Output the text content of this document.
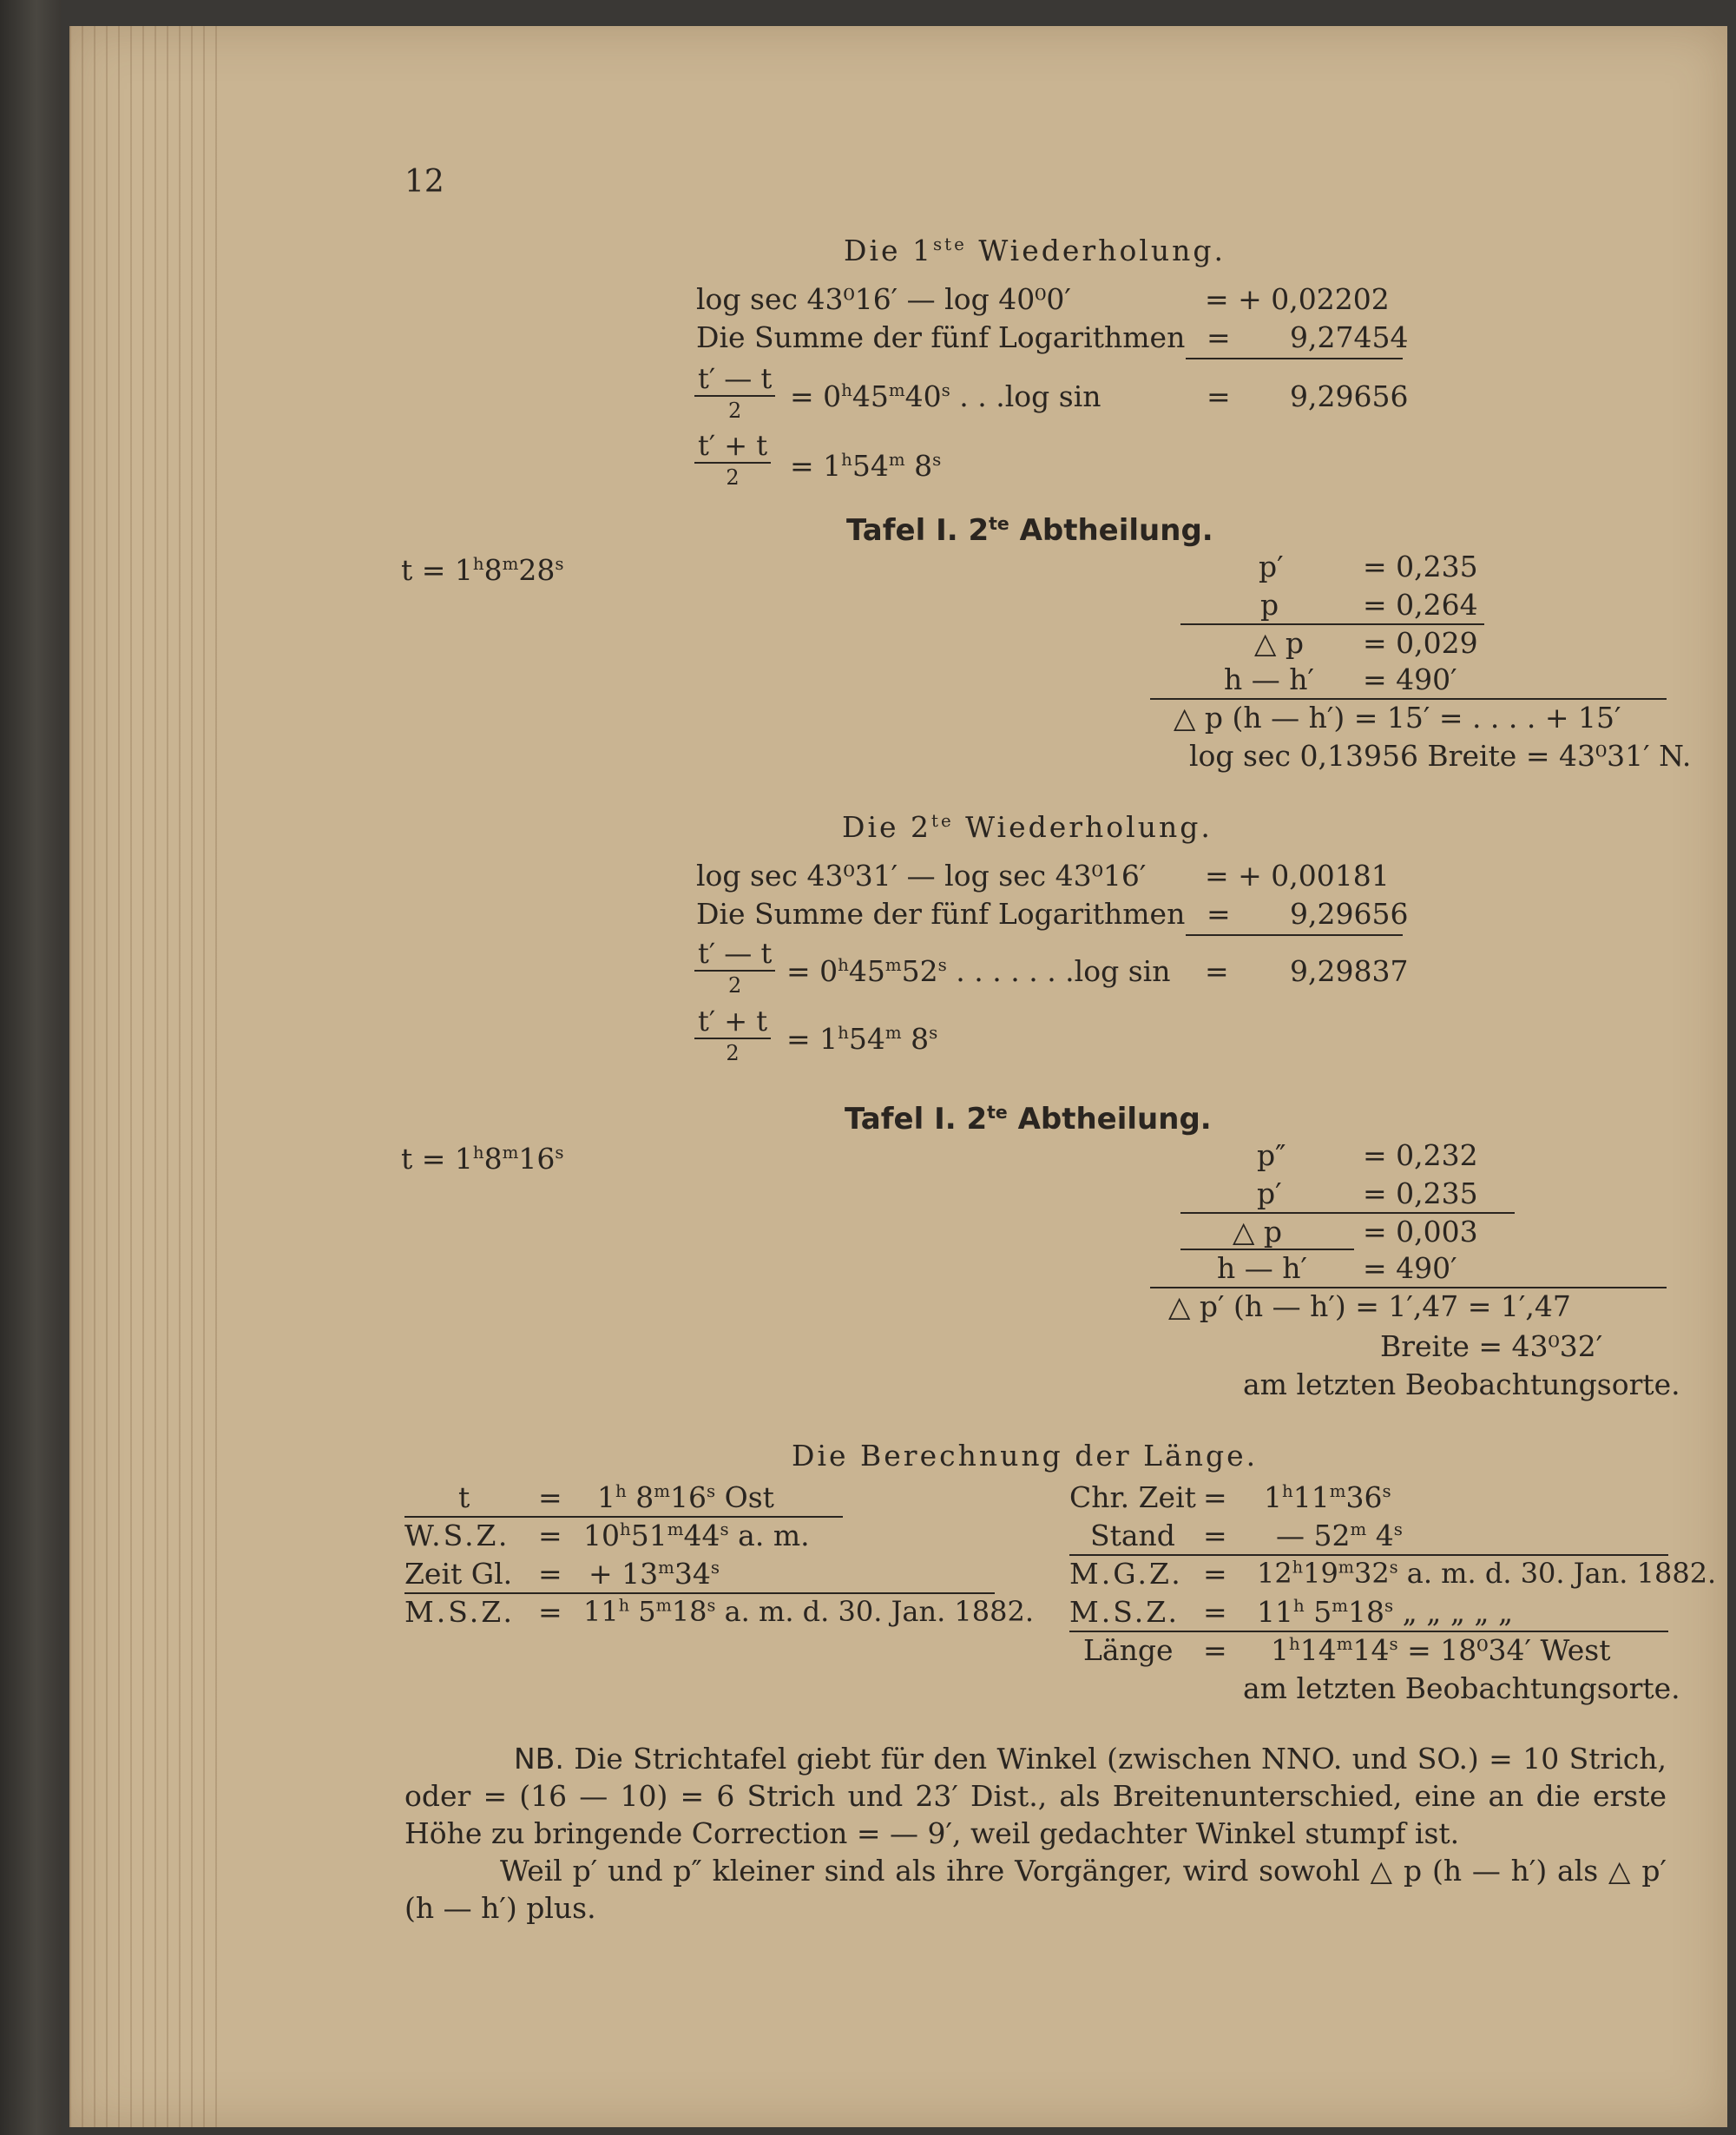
12
Die 1ste Wiederholung.
log sec 43⁰16′ — log 40⁰0′	= + 0,02202
Die Summe der fünf Logarithmen = 9,27454
t′ — t
2	= $0^h45^m40^s$ . . .log sin	= 9,29656
t′ + t
2	= $1^h54^m$ 8$^s$
Tafel I. $2^{te}$ Abtheilung.
$t = 1^h8^m28^s$	p′	= 0,235
p	= 0,264
△ p = 0,029
h — h′ = 490′
△ p (h — h′) = 15′ = . . . . + 15′
log sec 0,13956 Breite = 43⁰31′ N.
Die $2^{te}$ Wiederholung.
log sec 43⁰31′ — log sec 43⁰16′ = + 0,00181
Die Summe der fünf Logarithmen = 9,29656
t′ — t
2	= $0^h45^m52^s$ . . . . . . .log sin = 9,29837
t′ + t
2	= $1^h54^m$ 8$^s$
Tafel I. $2^{te}$ Abtheilung.
$t = 1^h8^m16^s$	p″	= 0,232
p′	= 0,235
△ p	= 0,003
h — h′ = 490′
△ p′ (h — h′) = 1′,47 = 1′,47
Breite = 43⁰32′
am letzten Beobachtungsorte.
Die Berechnung der Länge.
$t = 1^h$ 8$^m$16$^s$ Ost
W.S.Z. = $10^h51^m44^s$ a. m.
Zeit Gl. = + $13^m34^s$
M.S.Z. = $11^h$ 5$^m$18$^s$ a. m. d. 30. Jan. 1882.
Chr. Zeit = $1^h11^m36^s$
Stand = — 52$^m$ 4$^s$
M.G.Z. = $12^h19^m32^s$ a. m. d. 30. Jan. 1882.
M.S.Z. = $11^h$ 5$^m$18$^s$ „ „ „ „ „
Länge = $1^h14^m14^s = 18^034'$ West
am letzten Beobachtungsorte.
NB. Die Strichtafel giebt für den Winkel (zwischen NNO. und SO.) = 10 Strich, oder = (16 — 10) = 6 Strich und 23′ Dist., als Breitenunterschied, eine an die erste Höhe zu bringende Correction = — 9′, weil gedachter Winkel stumpf ist.
Weil p′ und p″ kleiner sind als ihre Vorgänger, wird sowohl △ p (h — h′) als △ p′ (h — h′) plus.
